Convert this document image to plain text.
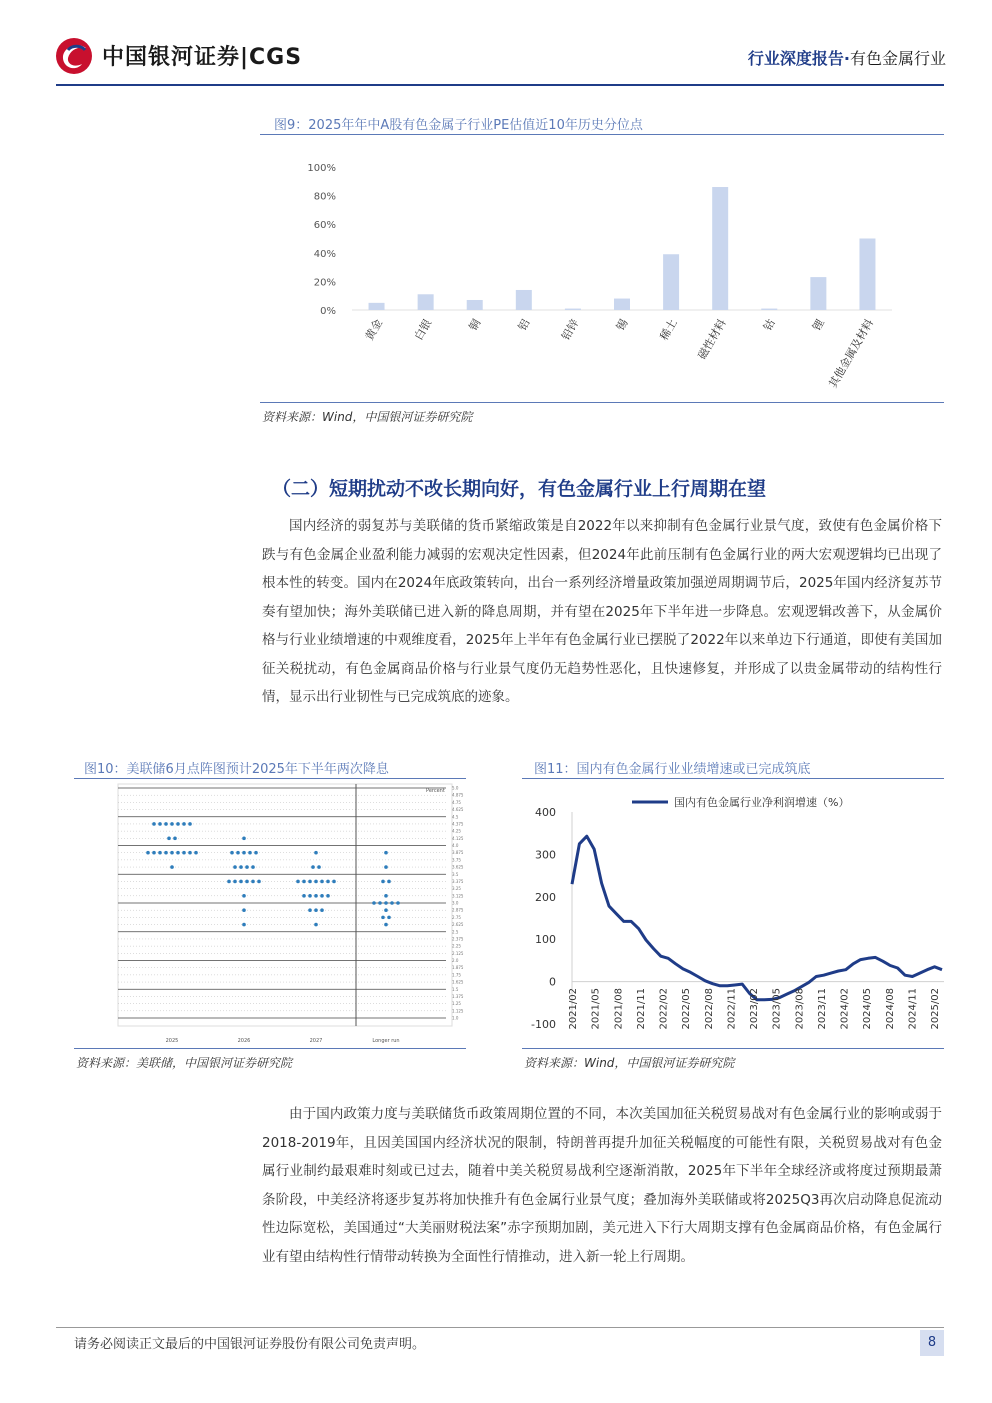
中国银河证券|CGS	行业深度报告·有色金属行业
图9：2025年年中A股有色金属子行业PE估值近10年历史分位点
0%
20%
40%
60%
80%
100%
黄金 白银	铜	铝 铅锌	锡 稀土 磁性材料	钴	锂 其他金属及材料
资料来源：Wind，中国银河证券研究院
（二）短期扰动不改长期向好，有色金属行业上行周期在望
国内经济的弱复苏与美联储的货币紧缩政策是自2022年以来抑制有色金属行业景气度，致使有色金属价格下跌与有色金属企业盈利能力减弱的宏观决定性因素，但2024年此前压制有色金属行业的两大宏观逻辑均已出现了根本性的转变。国内在2024年底政策转向，出台一系列经济增量政策加强逆周期调节后，2025年国内经济复苏节奏有望加快；海外美联储已进入新的降息周期，并有望在2025年下半年进一步降息。宏观逻辑改善下，从金属价格与行业业绩增速的中观维度看，2025年上半年有色金属行业已摆脱了2022年以来单边下行通道，即使有美国加征关税扰动，有色金属商品价格与行业景气度仍无趋势性恶化，且快速修复，并形成了以贵金属带动的结构性行情，显示出行业韧性与已完成筑底的迹象。
图10：美联储6月点阵图预计2025年下半年两次降息
5.0
4.875
4.75
4.625
4.5
4.375
4.25
4.125
4.0
3.875
3.75
3.625
3.5
3.375
3.25
3.125
3.0
2.875
2.75
2.625
2.5
2.375
2.25
2.125
2.0
1.875
1.75
1.625
1.5
1.375
1.25
1.125
1.0
Percent
2025	2026	2027	Longer run
资料来源：美联储，中国银河证券研究院
图11：国内有色金属行业业绩增速或已完成筑底
-100
0
100
200
300
400
国内有色金属行业净利润增速（%）
2021/02 2021/05 2021/08 2021/11 2022/02 2022/05 2022/08 2022/11 2023/02 2023/05 2023/08 2023/11 2024/02 2024/05 2024/08 2024/11 2025/02
资料来源：Wind，中国银河证券研究院
由于国内政策力度与美联储货币政策周期位置的不同，本次美国加征关税贸易战对有色金属行业的影响或弱于2018-2019年，且因美国国内经济状况的限制，特朗普再提升加征关税幅度的可能性有限，关税贸易战对有色金属行业制约最艰难时刻或已过去，随着中美关税贸易战利空逐渐消散，2025年下半年全球经济或将度过预期最萧条阶段，中美经济将逐步复苏将加快推升有色金属行业景气度；叠加海外美联储或将2025Q3再次启动降息促流动性边际宽松，美国通过“大美丽财税法案”赤字预期加剧，美元进入下行大周期支撑有色金属商品价格，有色金属行业有望由结构性行情带动转换为全面性行情推动，进入新一轮上行周期。
请务必阅读正文最后的中国银河证券股份有限公司免责声明。	8
